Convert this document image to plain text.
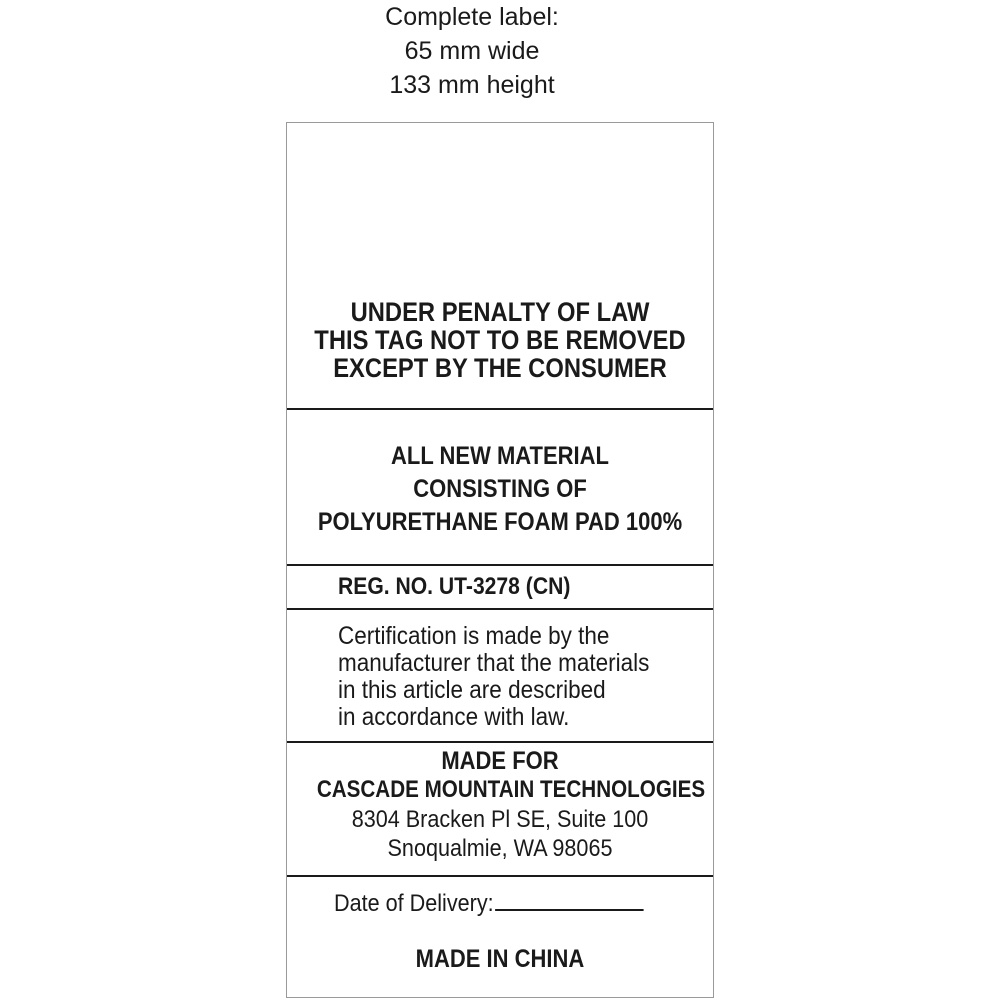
Complete label:
65 mm wide
133 mm height
UNDER PENALTY OF LAW
THIS TAG NOT TO BE REMOVED
EXCEPT BY THE CONSUMER
ALL NEW MATERIAL
CONSISTING OF
POLYURETHANE FOAM PAD 100%
REG. NO. UT-3278 (CN)
Certification is made by the
manufacturer that the materials
in this article are described
in accordance with law.
MADE FOR
CASCADE MOUNTAIN TECHNOLOGIES
8304 Bracken Pl SE, Suite 100
Snoqualmie, WA 98065
Date of Delivery:
MADE IN CHINA
